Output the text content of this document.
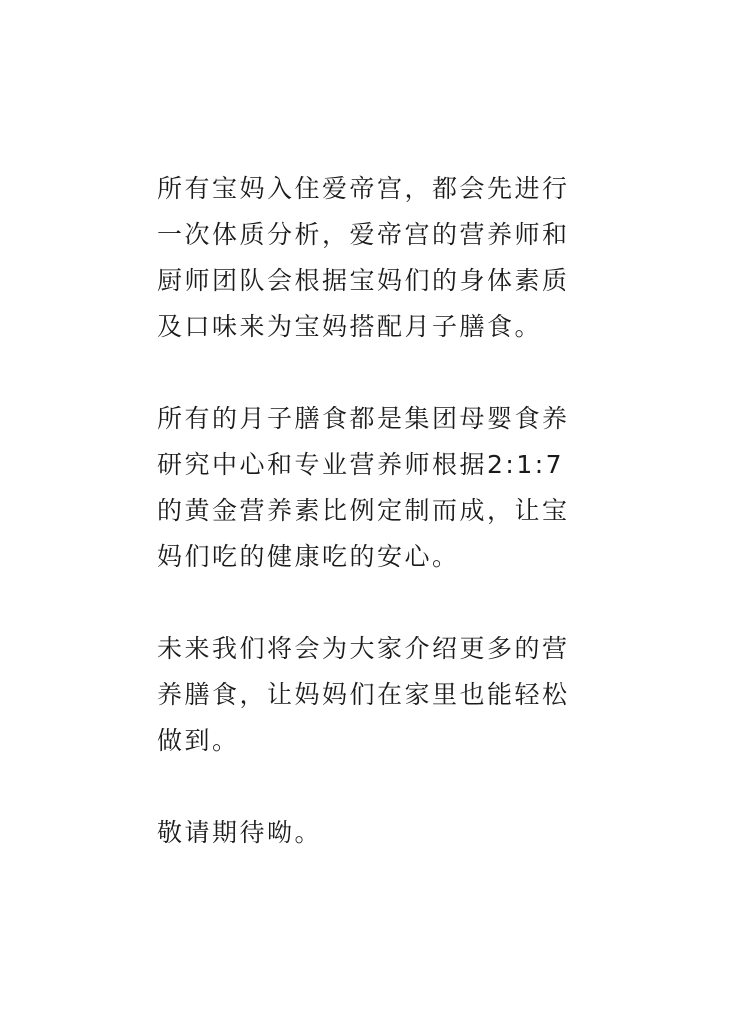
所有宝妈入住爱帝宫，都会先进行
一次体质分析，爱帝宫的营养师和
厨师团队会根据宝妈们的身体素质
及口味来为宝妈搭配月子膳食。

所有的月子膳食都是集团母婴食养
研究中心和专业营养师根据2:1:7
的黄金营养素比例定制而成，让宝
妈们吃的健康吃的安心。

未来我们将会为大家介绍更多的营
养膳食，让妈妈们在家里也能轻松
做到。

敬请期待呦。
